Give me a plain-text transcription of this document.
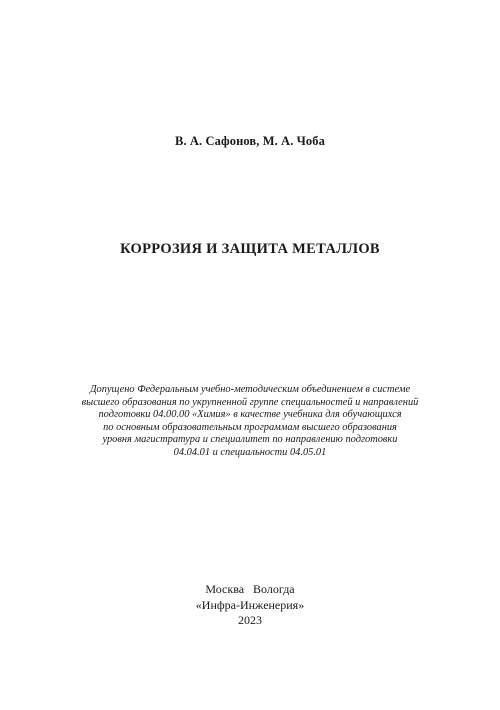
В. А. Сафонов, М. А. Чоба
КОРРОЗИЯ И ЗАЩИТА МЕТАЛЛОВ
Допущено Федеральным учебно-методическим объединением в системе
высшего образования по укрупненной группе специальностей и направлений
подготовки 04.00.00 «Химия» в качестве учебника для обучающихся
по основным образовательным программам высшего образования
уровня магистратура и специалитет по направлению подготовки
04.04.01 и специальности 04.05.01
Москва   Вологда
«Инфра-Инженерия»
2023
